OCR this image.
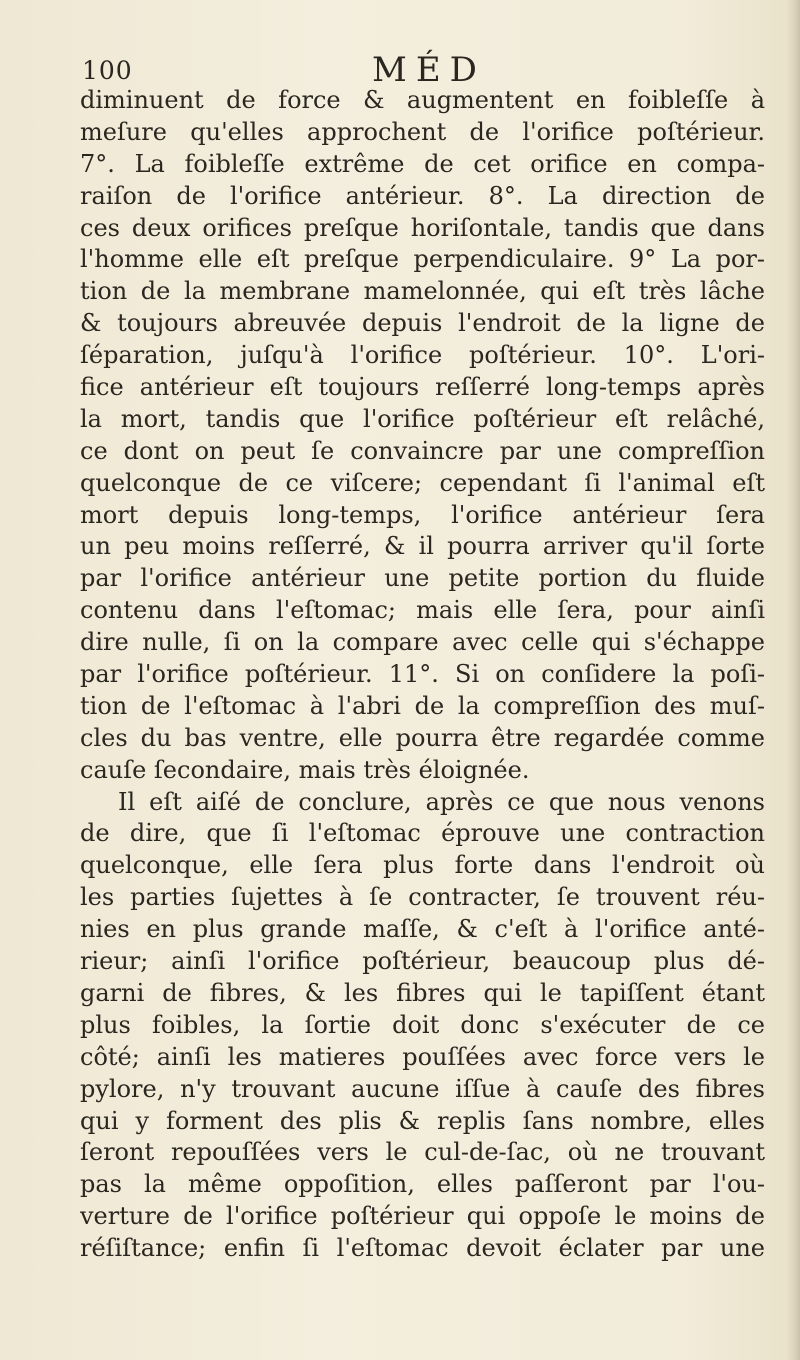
100	MÉD
diminuent de force & augmentent en foibleſſe à
meſure qu'elles approchent de l'orifice poſtérieur.
7°. La foibleſſe extrême de cet orifice en compa-
raiſon de l'orifice antérieur. 8°. La direction de
ces deux orifices preſque horiſontale, tandis que dans
l'homme elle eſt preſque perpendiculaire. 9° La por-
tion de la membrane mamelonnée, qui eſt très lâche
& toujours abreuvée depuis l'endroit de la ligne de
ſéparation, juſqu'à l'orifice poſtérieur. 10°. L'ori-
fice antérieur eſt toujours reſſerré long-temps après
la mort, tandis que l'orifice poſtérieur eſt relâché,
ce dont on peut ſe convaincre par une compreſſion
quelconque de ce viſcere; cependant ſi l'animal eſt
mort depuis long-temps, l'orifice antérieur ſera
un peu moins reſſerré, & il pourra arriver qu'il ſorte
par l'orifice antérieur une petite portion du fluide
contenu dans l'eſtomac; mais elle ſera, pour ainſi
dire nulle, ſi on la compare avec celle qui s'échappe
par l'orifice poſtérieur. 11°. Si on conſidere la poſi-
tion de l'eſtomac à l'abri de la compreſſion des muſ-
cles du bas ventre, elle pourra être regardée comme
cauſe ſecondaire, mais très éloignée.
Il eſt aiſé de conclure, après ce que nous venons
de dire, que ſi l'eſtomac éprouve une contraction
quelconque, elle ſera plus forte dans l'endroit où
les parties ſujettes à ſe contracter, ſe trouvent réu-
nies en plus grande maſſe, & c'eſt à l'orifice anté-
rieur; ainſi l'orifice poſtérieur, beaucoup plus dé-
garni de fibres, & les fibres qui le tapiſſent étant
plus foibles, la ſortie doit donc s'exécuter de ce
côté; ainſi les matieres pouſſées avec force vers le
pylore, n'y trouvant aucune iſſue à cauſe des fibres
qui y forment des plis & replis ſans nombre, elles
ſeront repouſſées vers le cul-de-ſac, où ne trouvant
pas la même oppoſition, elles paſſeront par l'ou-
verture de l'orifice poſtérieur qui oppoſe le moins de
réſiſtance; enfin ſi l'eſtomac devoit éclater par une
